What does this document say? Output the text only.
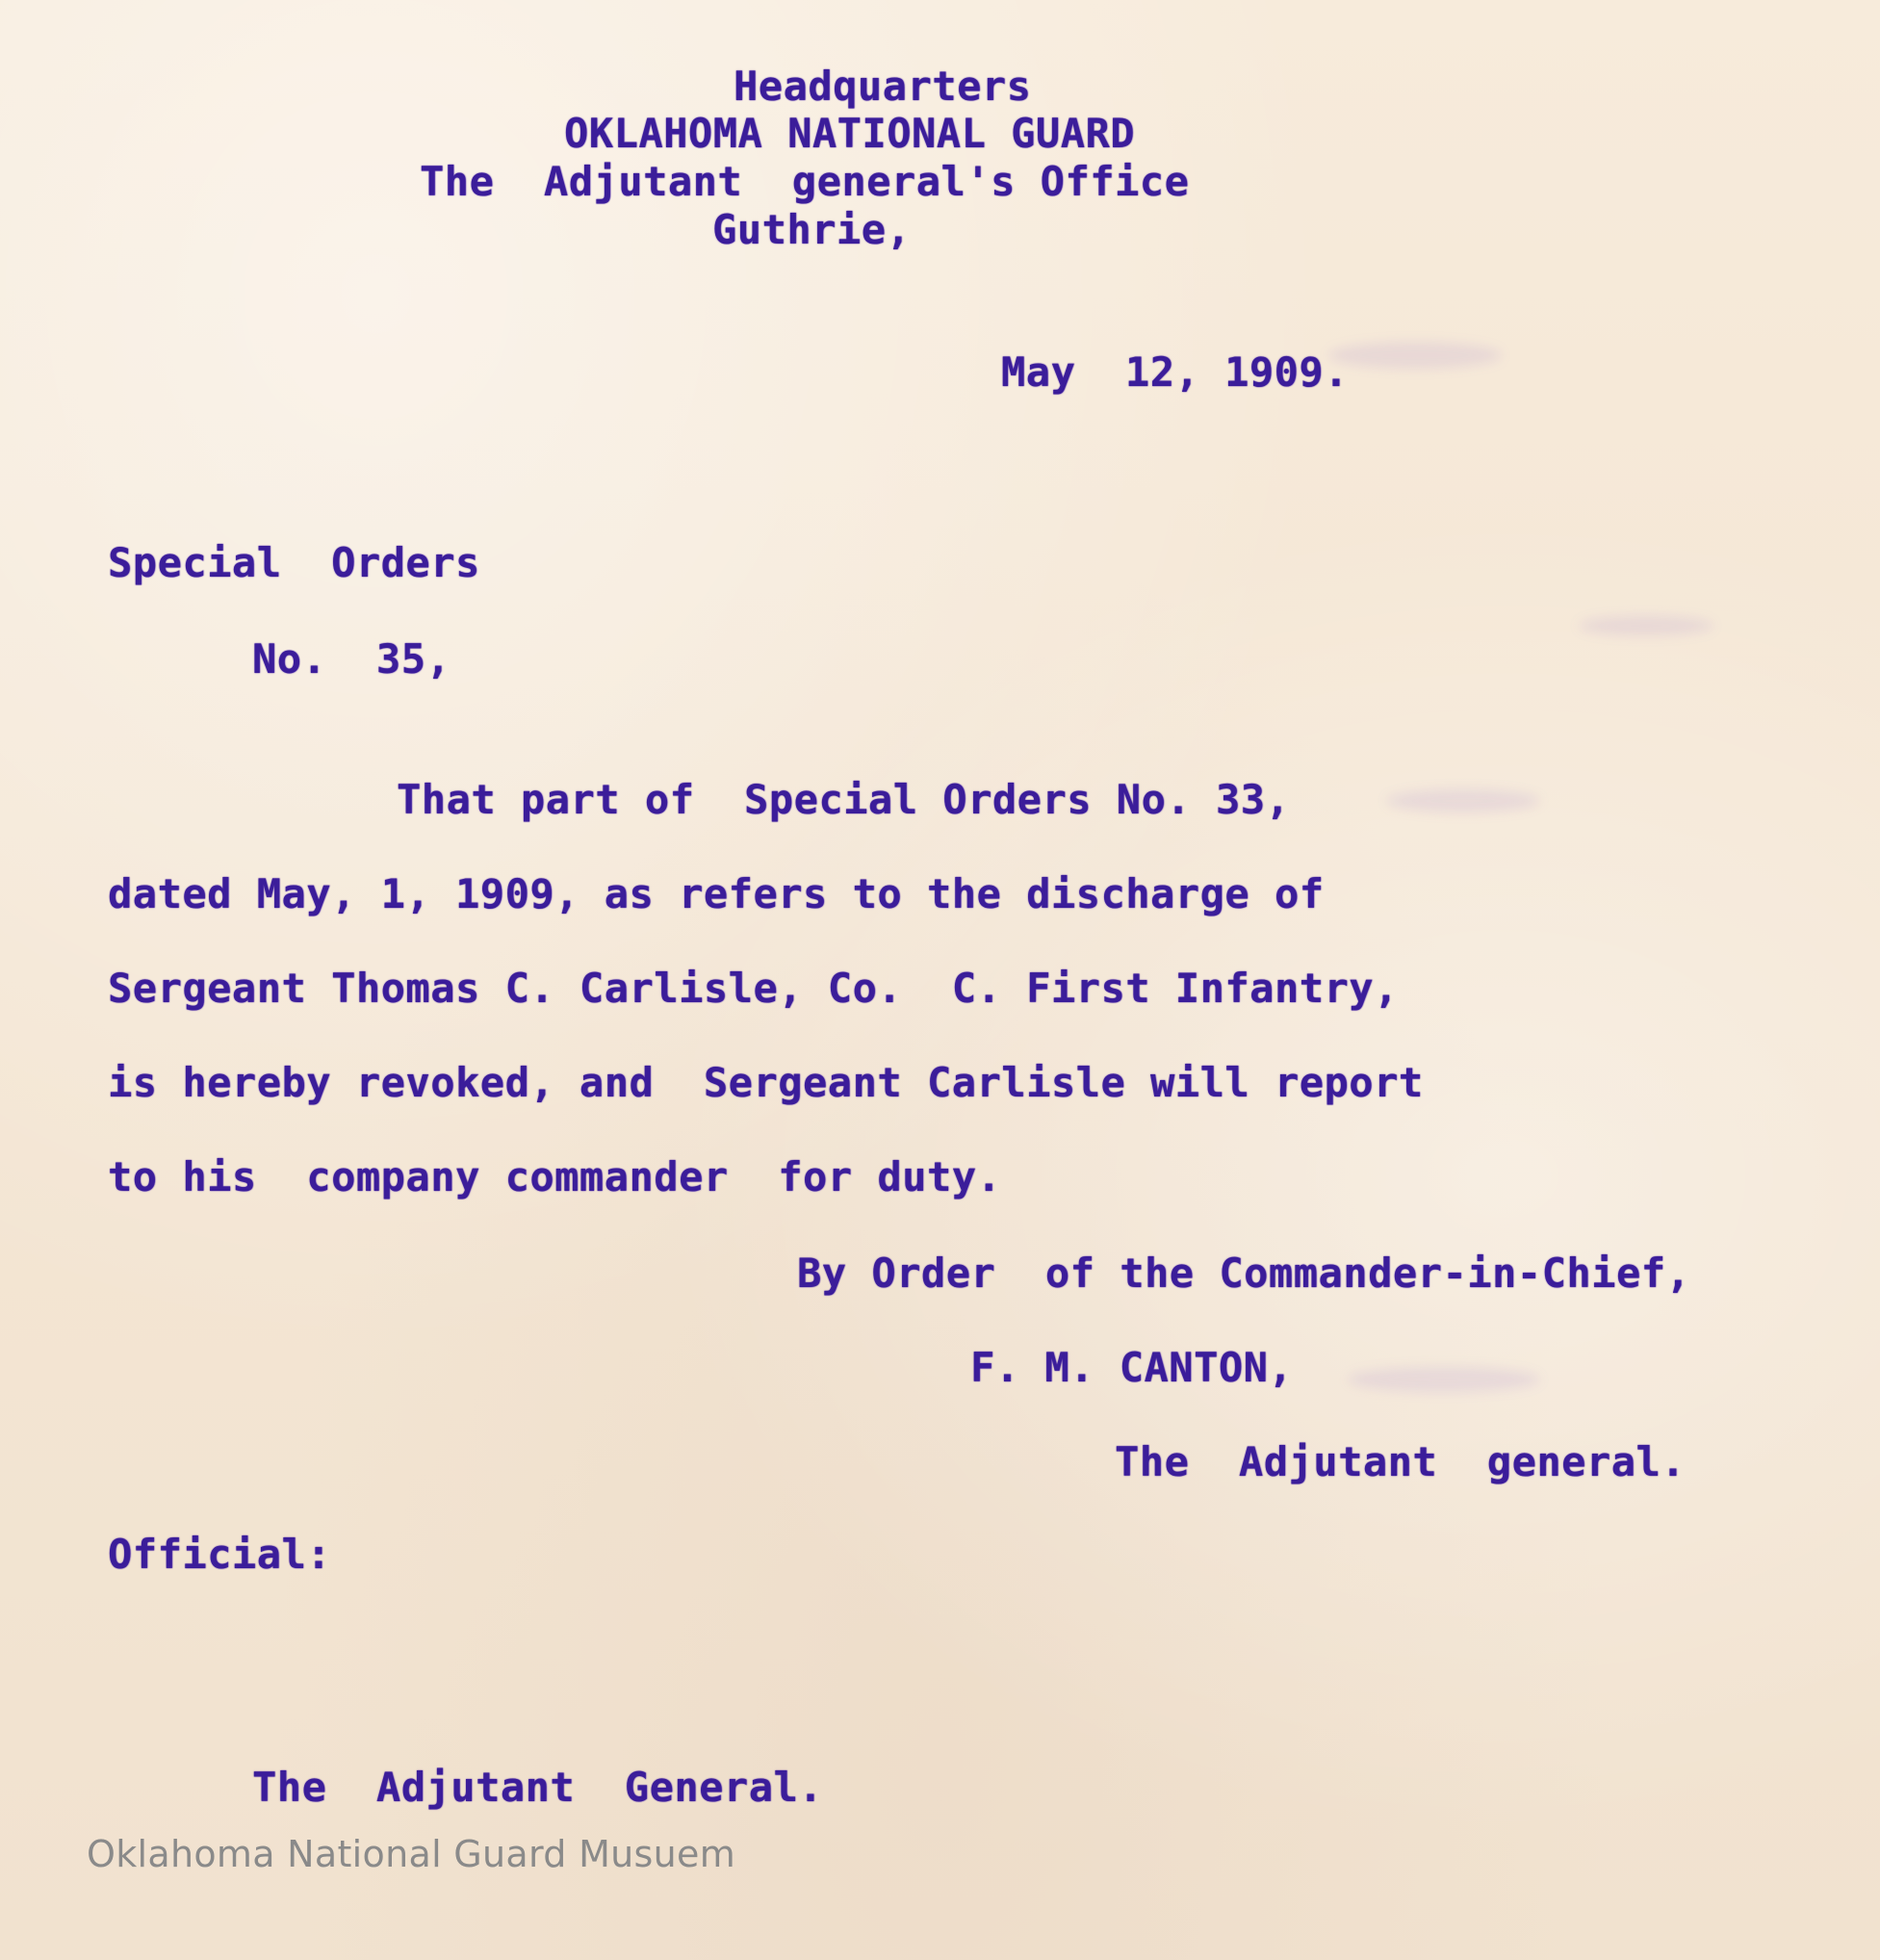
Headquarters

OKLAHOMA NATIONAL GUARD

The  Adjutant  general's Office

Guthrie,

May  12, 1909.

Special  Orders

No.  35,

That part of  Special Orders No. 33,

dated May, 1, 1909, as refers to the discharge of

Sergeant Thomas C. Carlisle, Co.  C. First Infantry,

is hereby revoked, and  Sergeant Carlisle will report

to his  company commander  for duty.

By Order  of the Commander-in-Chief,

F. M. CANTON,

The  Adjutant  general.

Official:

The  Adjutant  General.

Oklahoma National Guard Musuem
